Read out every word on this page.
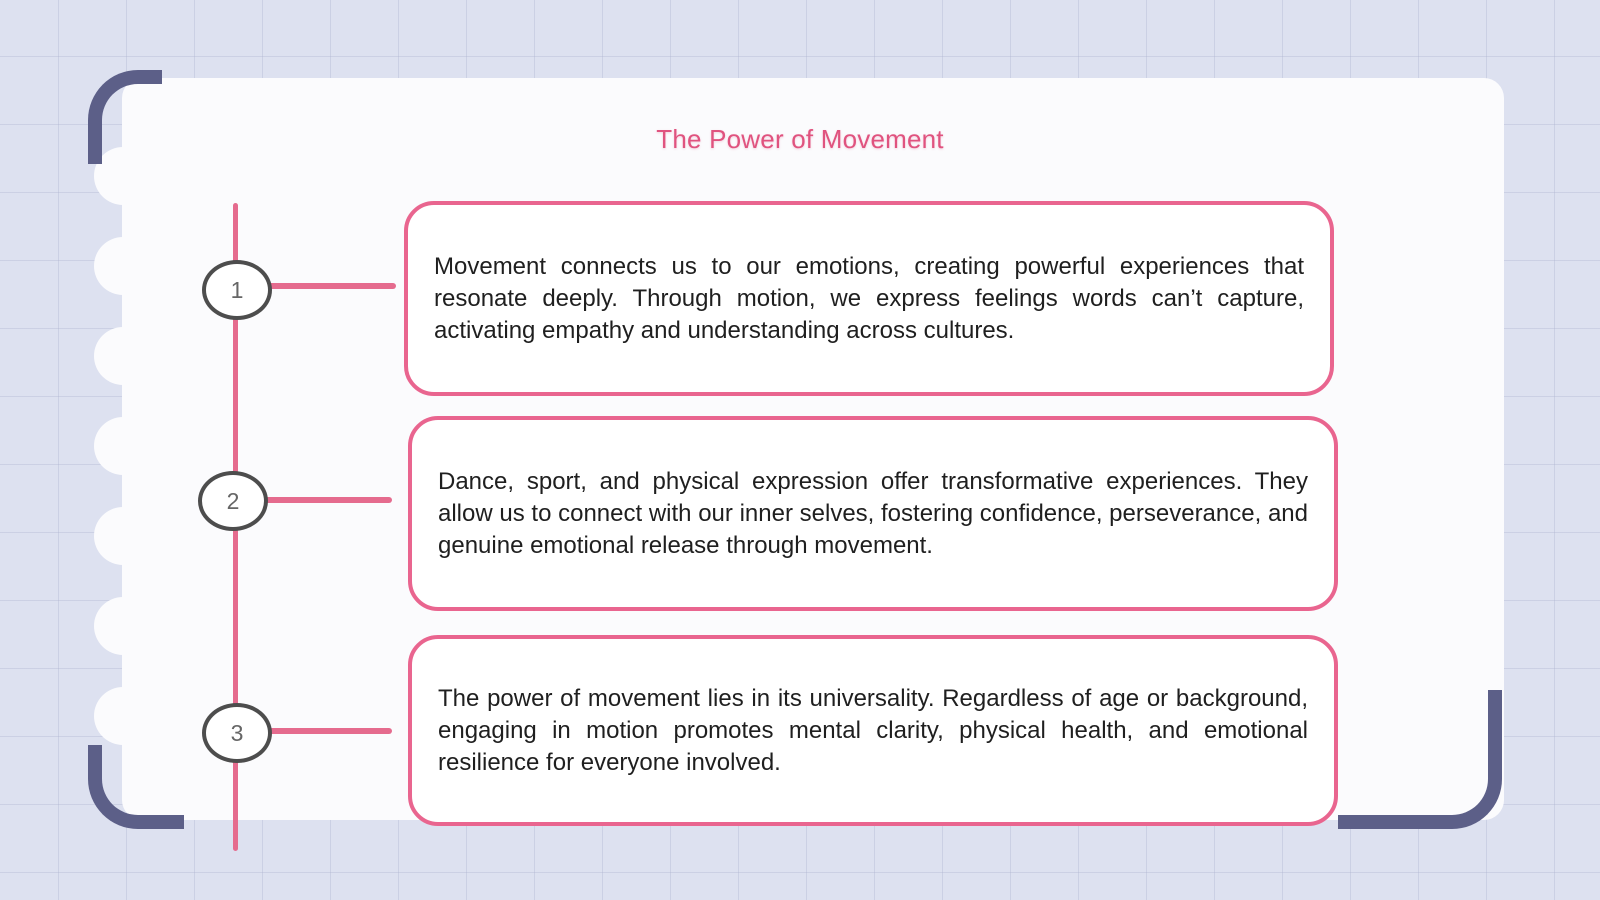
The Power of Movement
1
2
3

Movement connects us to our emotions, creating powerful experiences that resonate deeply. Through motion, we express feelings words can’t capture, activating empathy and understanding across cultures.

Dance, sport, and physical expression offer transformative experiences. They allow us to connect with our inner selves, fostering confidence, perseverance, and genuine emotional release through movement.

The power of movement lies in its universality. Regardless of age or background, engaging in motion promotes mental clarity, physical health, and emotional resilience for everyone involved.
